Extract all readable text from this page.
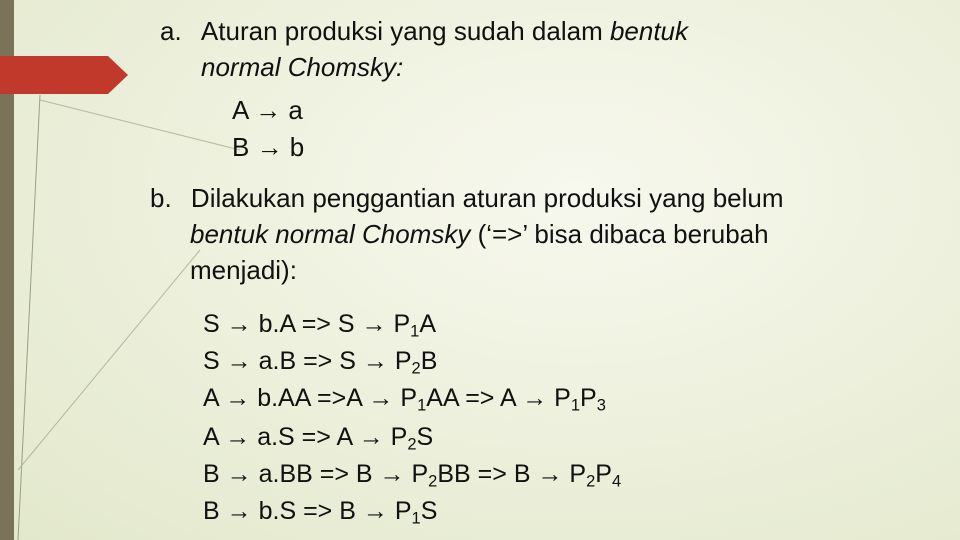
a. Aturan produksi yang sudah dalam bentuk
normal Chomsky:
A → a
B → b
b. Dilakukan penggantian aturan produksi yang belum
bentuk normal Chomsky (‘=>’ bisa dibaca berubah
menjadi):
$S \to b.A => S \to P_1A$
$S \to a.B => S \to P_2B$
$A \to b.AA =>A \to P_1AA => A \to P_1P_3$
$A \to a.S => A \to P_2S$
$B \to a.BB => B \to P_2BB => B \to P_2P_4$
$B \to b.S => B \to P_1S$
